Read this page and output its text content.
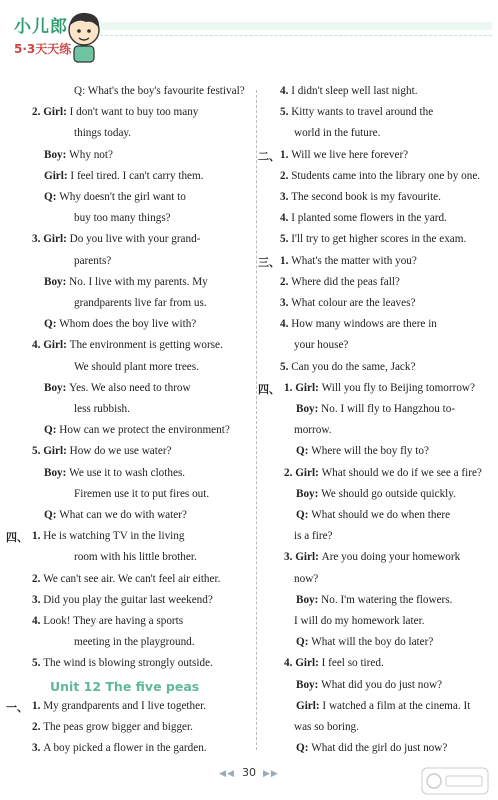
小儿郎
5·3天天练
Q: What's the boy's favourite festival?
2. Girl: I don't want to buy too many
things today.
Boy: Why not?
Girl: I feel tired. I can't carry them.
Q: Why doesn't the girl want to
buy too many things?
3. Girl: Do you live with your grand-
parents?
Boy: No. I live with my parents. My
grandparents live far from us.
Q: Whom does the boy live with?
4. Girl: The environment is getting worse.
We should plant more trees.
Boy: Yes. We also need to throw
less rubbish.
Q: How can we protect the environment?
5. Girl: How do we use water?
Boy: We use it to wash clothes.
Firemen use it to put fires out.
Q: What can we do with water?
四、 1. He is watching TV in the living
room with his little brother.
2. We can't see air. We can't feel air either.
3. Did you play the guitar last weekend?
4. Look! They are having a sports
meeting in the playground.
5. The wind is blowing strongly outside.
Unit 12 The five peas
一、 1. My grandparents and I live together.
2. The peas grow bigger and bigger.
3. A boy picked a flower in the garden.
4. I didn't sleep well last night.
5. Kitty wants to travel around the
world in the future.
二、 1. Will we live here forever?
2. Students came into the library one by one.
3. The second book is my favourite.
4. I planted some flowers in the yard.
5. I'll try to get higher scores in the exam.
三、 1. What's the matter with you?
2. Where did the peas fall?
3. What colour are the leaves?
4. How many windows are there in
your house?
5. Can you do the same, Jack?
四、 1. Girl: Will you fly to Beijing tomorrow?
Boy: No. I will fly to Hangzhou to-
morrow.
Q: Where will the boy fly to?
2. Girl: What should we do if we see a fire?
Boy: We should go outside quickly.
Q: What should we do when there
is a fire?
3. Girl: Are you doing your homework
now?
Boy: No. I'm watering the flowers.
I will do my homework later.
Q: What will the boy do later?
4. Girl: I feel so tired.
Boy: What did you do just now?
Girl: I watched a film at the cinema. It
was so boring.
Q: What did the girl do just now?
◀◀ 30 ▶▶
